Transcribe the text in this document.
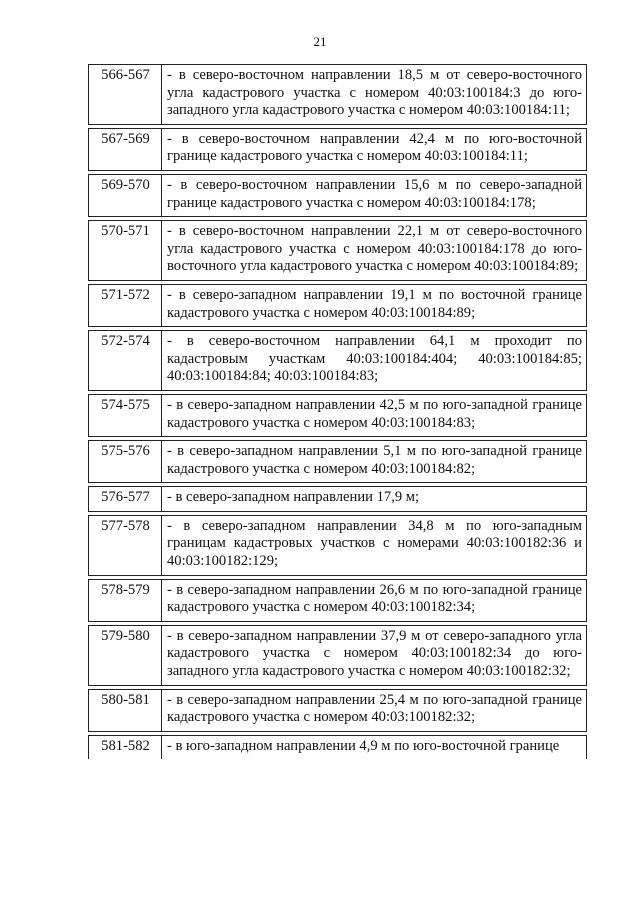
21
566-567	- в северо-восточном направлении 18,5 м от северо-восточного угла кадастрового участка с номером 40:03:100184:3 до юго-западного угла кадастрового участка с номером 40:03:100184:11;

567-569	- в северо-восточном направлении 42,4 м по юго-восточной границе кадастрового участка с номером 40:03:100184:11;

569-570	- в северо-восточном направлении 15,6 м по северо-западной границе кадастрового участка с номером 40:03:100184:178;

570-571	- в северо-восточном направлении 22,1 м от северо-восточного угла кадастрового участка с номером 40:03:100184:178 до юго-восточного угла кадастрового участка с номером 40:03:100184:89;

571-572	- в северо-западном направлении 19,1 м по восточной границе кадастрового участка с номером 40:03:100184:89;

572-574	- в северо-восточном направлении 64,1 м проходит по кадастровым участкам 40:03:100184:404; 40:03:100184:85; 40:03:100184:84; 40:03:100184:83;

574-575	- в северо-западном направлении 42,5 м по юго-западной границе кадастрового участка с номером 40:03:100184:83;

575-576	- в северо-западном направлении 5,1 м по юго-западной границе кадастрового участка с номером 40:03:100184:82;

576-577	- в северо-западном направлении 17,9 м;

577-578	- в северо-западном направлении 34,8 м по юго-западным границам кадастровых участков с номерами 40:03:100182:36 и 40:03:100182:129;

578-579	- в северо-западном направлении 26,6 м по юго-западной границе кадастрового участка с номером 40:03:100182:34;

579-580	- в северо-западном направлении 37,9 м от северо-западного угла кадастрового участка с номером 40:03:100182:34 до юго-западного угла кадастрового участка с номером 40:03:100182:32;

580-581	- в северо-западном направлении 25,4 м по юго-западной границе кадастрового участка с номером 40:03:100182:32;

581-582	- в юго-западном направлении 4,9 м по юго-восточной границе
